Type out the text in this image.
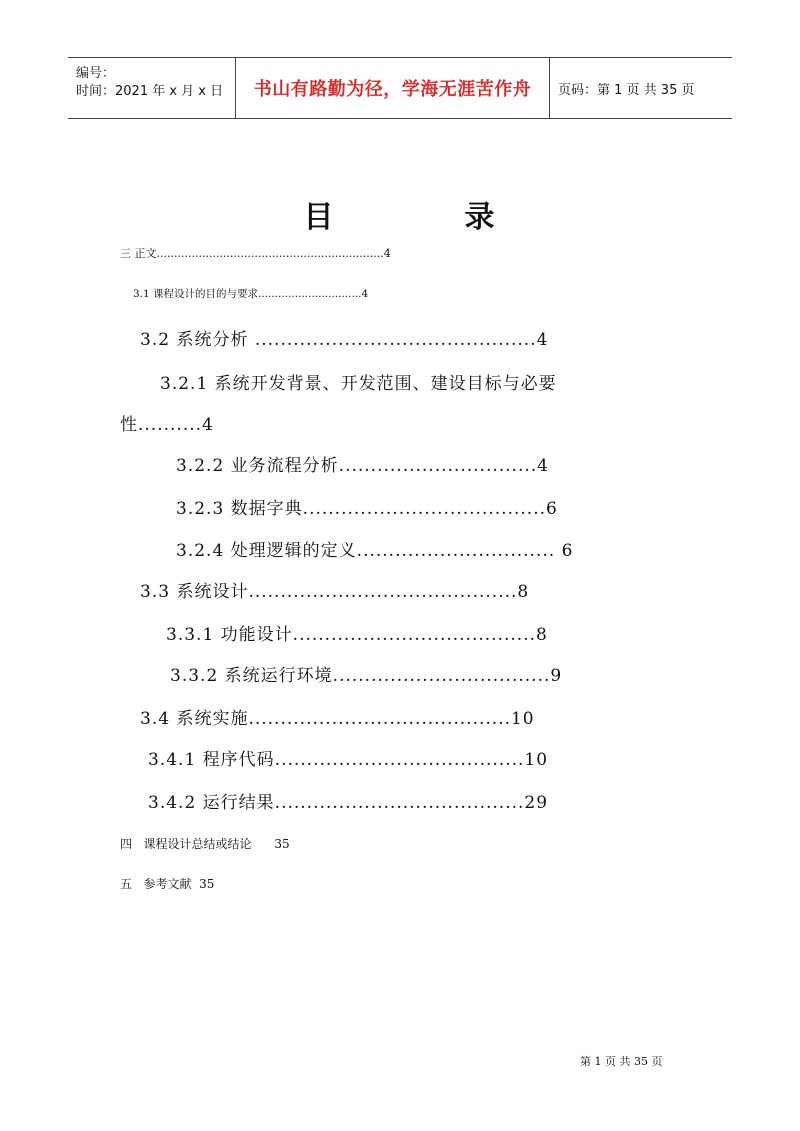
编号：
时间：2021 年 x 月 x 日 书山有路勤为径，学海无涯苦作舟 页码：第 1 页 共 35 页
目	录
三 正文.................................................................4
3.1 课程设计的目的与要求...............................4
3.2 系统分析 ............................................4
3.2.1 系统开发背景、开发范围、建设目标与必要
性..........4
3.2.2 业务流程分析...............................4
3.2.3 数据字典......................................6
3.2.4 处理逻辑的定义............................... 6
3.3 系统设计..........................................8
3.3.1 功能设计......................................8
3.3.2 系统运行环境..................................9
3.4 系统实施.........................................10
3.4.1 程序代码.......................................10
3.4.2 运行结果.......................................29
四   课程设计总结或结论      35
五   参考文献  35
第 1 页 共 35 页
